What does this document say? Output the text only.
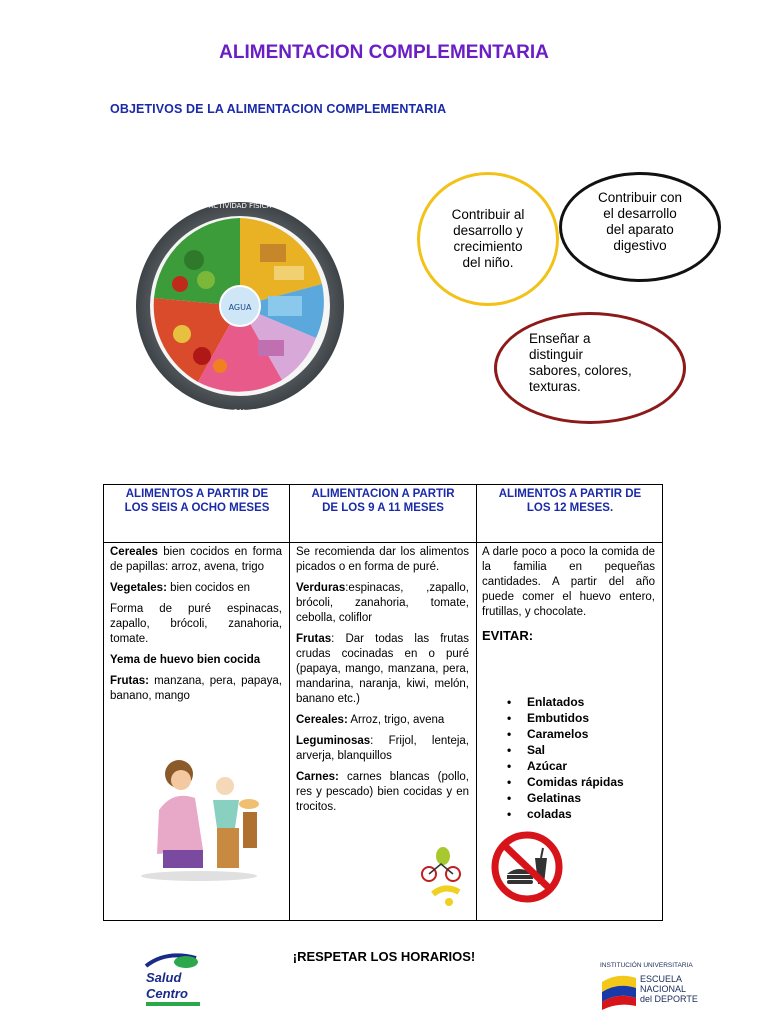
ALIMENTACION COMPLEMENTARIA
OBJETIVOS DE LA ALIMENTACION COMPLEMENTARIA
AGUA
ACTIVIDAD FÍSICA
SAL
Contribuir al
desarrollo y
crecimiento
del niño.
Contribuir con
el desarrollo
del aparato
digestivo
Enseñar a
distinguir
sabores, colores,
texturas.
ALIMENTOS A PARTIR DE
LOS SEIS A OCHO MESES
ALIMENTACION A PARTIR
DE LOS 9 A 11 MESES
ALIMENTOS A PARTIR DE
LOS 12 MESES.

Cereales bien cocidos en forma de papillas: arroz, avena, trigo

Vegetales: bien cocidos en

Forma de puré espinacas, zapallo, brócoli, zanahoria, tomate.

Yema de huevo bien cocida

Frutas: manzana, pera, papaya, banano, mango

Se recomienda dar los alimentos picados o en forma de puré.

Verduras:espinacas, ,zapallo, brócoli, zanahoria, tomate, cebolla, coliflor

Frutas: Dar todas las frutas crudas cocinadas en o puré (papaya, mango, manzana, pera, mandarina, naranja, kiwi, melón, banano etc.)

Cereales: Arroz, trigo, avena

Leguminosas: Frijol, lenteja, arverja, blanquillos

Carnes: carnes blancas (pollo, res y pescado) bien cocidas y en trocitos.

A darle poco a poco la comida de la familia en pequeñas cantidades. A partir del año puede comer el huevo entero, frutillas, y chocolate.

EVITAR:

• Enlatados
• Embutidos
• Caramelos
• Sal
• Azúcar
• Comidas rápidas
• Gelatinas
• coladas
¡RESPETAR LOS HORARIOS!
Salud
Centro
INSTITUCIÓN UNIVERSITARIA
ESCUELA
NACIONAL
del DEPORTE
